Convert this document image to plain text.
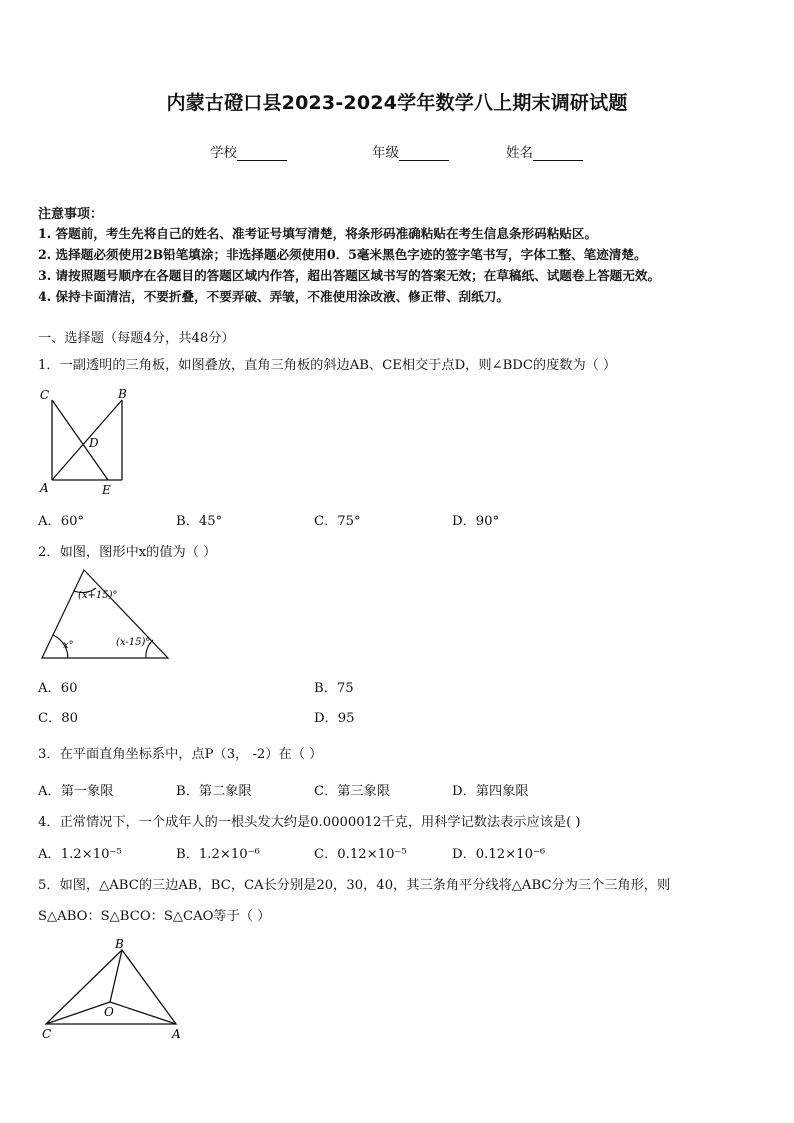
内蒙古磴口县2023-2024学年数学八上期末调研试题
学校	年级	姓名
注意事项：
1. 答题前，考生先将自己的姓名、准考证号填写清楚，将条形码准确粘贴在考生信息条形码粘贴区。
2. 选择题必须使用2B铅笔填涂；非选择题必须使用0．5毫米黑色字迹的签字笔书写，字体工整、笔迹清楚。
3. 请按照题号顺序在各题目的答题区域内作答，超出答题区域书写的答案无效；在草稿纸、试题卷上答题无效。
4. 保持卡面清洁，不要折叠，不要弄破、弄皱，不准使用涂改液、修正带、刮纸刀。
一、选择题（每题4分，共48分）
1．一副透明的三角板，如图叠放，直角三角板的斜边AB、CE相交于点D，则∠BDC的度数为（ ）
C	B
D
A	E
A．60°	B．45°	C．75°	D．90°
2．如图，图形中x的值为（ ）
(x+15)°
x°	(x-15)°
A．60	B．75
C．80	D．95
3．在平面直角坐标系中，点P（3， -2）在（ ）
A．第一象限	B．第二象限	C．第三象限	D．第四象限
4．正常情况下，一个成年人的一根头发大约是0.0000012千克，用科学记数法表示应该是( )
A．1.2×10⁻⁵	B．1.2×10⁻⁶	C．0.12×10⁻⁵	D．0.12×10⁻⁶
5．如图，△ABC的三边AB，BC，CA长分别是20，30，40，其三条角平分线将△ABC分为三个三角形，则
S△ABO：S△BCO：S△CAO等于（ ）
B
O
C	A
